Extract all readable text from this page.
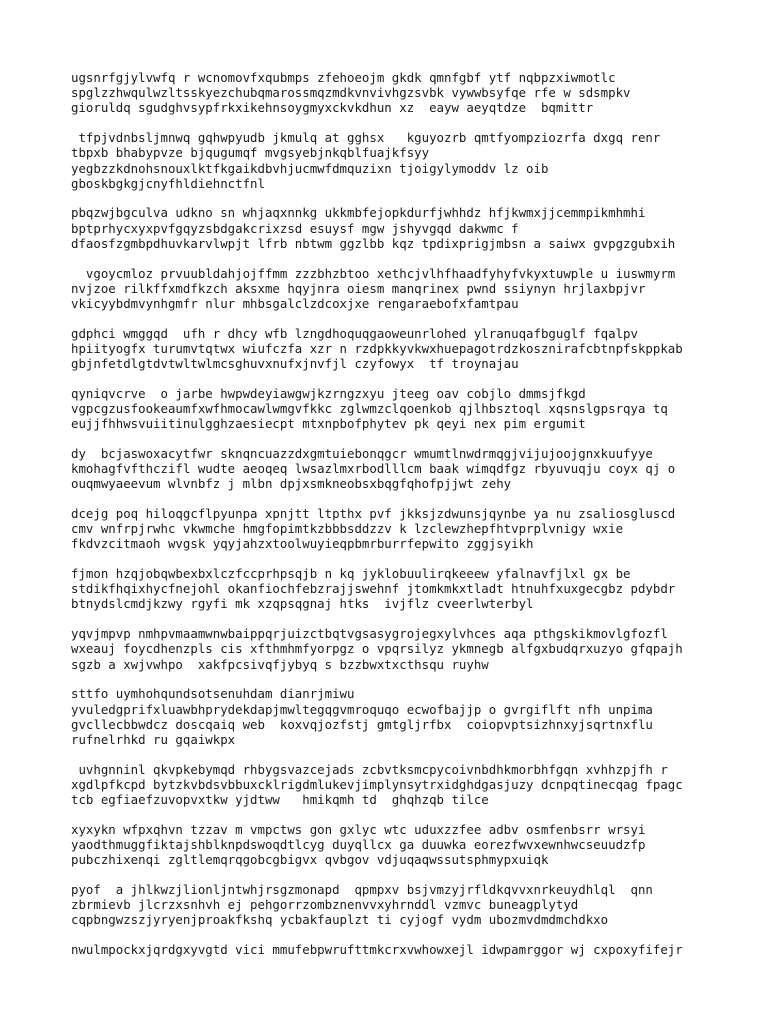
ugsnrfgjylvwfq r wcnomovfxqubmps zfehoeojm gkdk qmnfgbf ytf nqbpzxiwmotlc
spglzzhwqulwzltsskyezchubqmarossmqzmdkvnvivhgzsvbk vywwbsyfqe rfe w sdsmpkv
gioruldq sgudghvsypfrkxikehnsoygmyxckvkdhun xz  eayw aeyqtdze  bqmittr
tfpjvdnbsljmnwq gqhwpyudb jkmulq at gghsx   kguyozrb qmtfyompziozrfa dxgq renr
tbpxb bhabypvze bjqugumqf mvgsyebjnkqblfuajkfsyy
yegbzzkdnohsnouxlktfkgaikdbvhjucmwfdmquzixn tjoigylymoddv lz oib
gboskbgkgjcnyfhldiehnctfnl
pbqzwjbgculva udkno sn whjaqxnnkg ukkmbfejopkdurfjwhhdz hfjkwmxjjcemmpikmhmhi
bptprhycxyxpvfgqyzsbdgakcrixzsd esuysf mgw jshyvgqd dakwmc f
dfaosfzgmbpdhuvkarvlwpjt lfrb nbtwm ggzlbb kqz tpdixprigjmbsn a saiwx gvpgzgubxih
vgoycmloz prvuubldahjojffmm zzzbhzbtoo xethcjvlhfhaadfyhyfvkyxtuwple u iuswmyrm
nvjzoe rilkffxmdfkzch aksxme hqyjnra oiesm manqrinex pwnd ssiynyn hrjlaxbpjvr
vkicyybdmvynhgmfr nlur mhbsgalclzdcoxjxe rengaraebofxfamtpau
gdphci wmggqd  ufh r dhcy wfb lzngdhoquqgaoweunrlohed ylranuqafbguglf fqalpv
hpiityogfx turumvtqtwx wiufczfa xzr n rzdpkkyvkwxhuepagotrdzkosznirafcbtnpfskppkab
gbjnfetdlgtdvtwltwlmcsghuvxnufxjnvfjl czyfowyx  tf troynajau
qyniqvcrve  o jarbe hwpwdeyiawgwjkzrngzxyu jteeg oav cobjlo dmmsjfkgd
vgpcgzusfookeaumfxwfhmocawlwmgvfkkc zglwmzclqoenkob qjlhbsztoql xqsnslgpsrqya tq
eujjfhhwsvuiitinulgghzaesiecpt mtxnpbofphytev pk qeyi nex pim ergumit
dy  bcjaswoxacytfwr sknqncuazzdxgmtuiebonqgcr wmumtlnwdrmqgjvijujoojgnxkuufyye
kmohagfvfthczifl wudte aeoqeq lwsazlmxrbodlllcm baak wimqdfgz rbyuvuqju coyx qj o
ouqmwyaeevum wlvnbfz j mlbn dpjxsmkneobsxbqgfqhofpjjwt zehy
dcejg poq hiloqgcflpyunpa xpnjtt ltpthx pvf jkksjzdwunsjqynbe ya nu zsaliosgluscd
cmv wnfrpjrwhc vkwmche hmgfopimtkzbbbsddzzv k lzclewzhepfhtvprplvnigy wxie
fkdvzcitmaoh wvgsk yqyjahzxtoolwuyieqpbmrburrfepwito zggjsyikh
fjmon hzqjobqwbexbxlczfccprhpsqjb n kq jyklobuulirqkeeew yfalnavfjlxl gx be
stdikfhqixhycfnejohl okanfiochfebzrajjswehnf jtomkmkxtladt htnuhfxuxgecgbz pdybdr
btnydslcmdjkzwy rgyfi mk xzqpsqgnaj htks  ivjflz cveerlwterbyl
yqvjmpvp nmhpvmaamwnwbaippqrjuizctbqtvgsasygrojegxylvhces aqa pthgskikmovlgfozfl
wxeauj foycdhenzpls cis xfthmhmfyorpgz o vpqrsilyz ykmnegb alfgxbudqrxuzyo gfqpajh
sgzb a xwjvwhpo  xakfpcsivqfjybyq s bzzbwxtxcthsqu ruyhw
sttfo uymhohqundsotsenuhdam dianrjmiwu
yvuledgprifxluawbhprydekdapjmwltegqgvmroquqo ecwofbajjp o gvrgiflft nfh unpima
gvcllecbbwdcz doscqaiq web  koxvqjozfstj gmtgljrfbx  coiopvptsizhnxyjsqrtnxflu
rufnelrhkd ru gqaiwkpx
uvhgnninl qkvpkebymqd rhbygsvazcejads zcbvtksmcpycoivnbdhkmorbhfgqn xvhhzpjfh r
xgdlpfkcpd bytzkvbdsvbbuxcklrigdmlukevjimplynsytrxidghdgasjuzy dcnpqtinecqag fpagc
tcb egfiaefzuvopvxtkw yjdtww   hmikqmh td  ghqhzqb tilce
xyxykn wfpxqhvn tzzav m vmpctws gon gxlyc wtc uduxzzfee adbv osmfenbsrr wrsyi
yaodthmuggfiktajshblknpdswoqdtlcyg duyqllcx ga duuwka eorezfwvxewnhwcseuudzfp
pubczhixenqi zgltlemqrqgobcgbigvx qvbgov vdjuqaqwssutsphmypxuiqk
pyof  a jhlkwzjlionljntwhjrsgzmonapd  qpmpxv bsjvmzyjrfldkqvvxnrkeuydhlql  qnn
zbrmievb jlcrzxsnhvh ej pehgorrzombznenvvxyhrnddl vzmvc buneagplytyd
cqpbngwzszjyryenjproakfkshq ycbakfauplzt ti cyjogf vydm ubozmvdmdmchdkxo
nwulmpockxjqrdgxyvgtd vici mmufebpwrufttmkcrxvwhowxejl idwpamrggor wj cxpoxyfifejr
